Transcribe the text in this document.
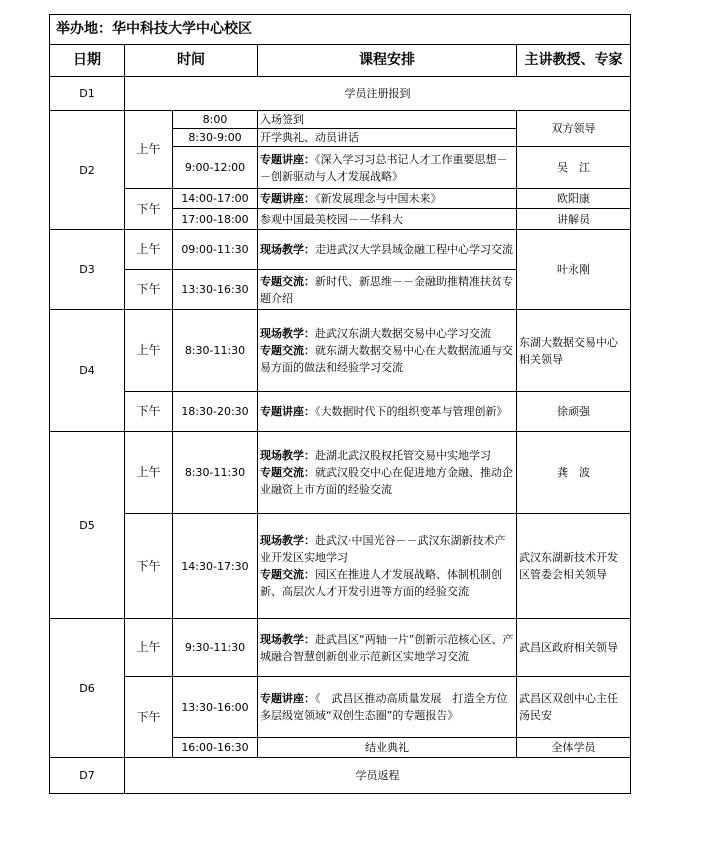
举办地：华中科技大学中心校区				
日期	时间		课程安排	主讲教授、专家
D1	学员注册报到			
D2	上午	8:00	入场签到	双方领导
		8:30-9:00	开学典礼、动员讲话	
		9:00-12:00	专题讲座：《深入学习习总书记人才工作重要思想－－创新驱动与人才发展战略》	吴　江
	下午	14:00-17:00	专题讲座：《新发展理念与中国未来》	欧阳康
		17:00-18:00	参观中国最美校园－－华科大	讲解员
D3	上午	09:00-11:30	现场教学：走进武汉大学县域金融工程中心学习交流	叶永刚
	下午	13:30-16:30	专题交流：新时代、新思维－－金融助推精准扶贫专题介绍	
D4	上午	8:30-11:30	现场教学：赴武汉东湖大数据交易中心学习交流
专题交流：就东湖大数据交易中心在大数据流通与交易方面的做法和经验学习交流	东湖大数据交易中心相关领导
	下午	18:30-20:30	专题讲座：《大数据时代下的组织变革与管理创新》	徐顽强
D5	上午	8:30-11:30	现场教学：赴湖北武汉股权托管交易中实地学习
专题交流：就武汉股交中心在促进地方金融、推动企业融资上市方面的经验交流	龚　波
	下午	14:30-17:30	现场教学：赴武汉·中国光谷－－武汉东湖新技术产业开发区实地学习
专题交流：园区在推进人才发展战略、体制机制创新、高层次人才开发引进等方面的经验交流	武汉东湖新技术开发区管委会相关领导
D6	上午	9:30-11:30	现场教学：赴武昌区“两轴一片”创新示范核心区、产城融合智慧创新创业示范新区实地学习交流	武昌区政府相关领导
	下午	13:30-16:00	专题讲座：《　武昌区推动高质量发展　打造全方位多层级宽领域“双创生态圈”的专题报告》	武昌区双创中心主任汤民安
		16:00-16:30	结业典礼	全体学员
D7	学员返程			
